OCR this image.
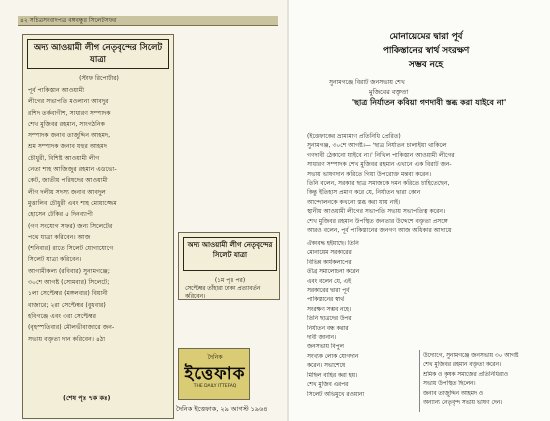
৪২ সচিত্রসংবাদপত্র বঙ্গবন্ধুর সিলেটসফর
অদ্য আওয়ামী লীগ নেতৃবৃন্দের সিলেট যাত্রা
(স্টাফ রিপোর্টার)
পূর্ব পাকিস্তান আওয়ামী
লীগের সভাপতি মওলানা আবদুর
রশিদ তর্কবাগীশ, সাধারণ সম্পাদক
শেখ মুজিবর রহমান, সাংগঠনিক
সম্পাদক জনাব তাজুদ্দিন আহমদ,
শ্রম সম্পাদক জনাব যহুর আহমদ
চৌধুরী, বিশিষ্ট আওয়ামী লীগ
নেতা শাহ আজিজুর রহমান এডভো-
কেট, জাতীয় পরিষদের আওয়ামী
লীগ দলীয় সদস্য জনাব আবদুল
মুত্তালিব চৌধুরী এবং শাহ মোয়াজ্জেম
হোসেন টেকির ৫ দিনব্যাপী
(গণ সংযোগ সফর) জন্য সিলেটের
পথে যাত্রা করিবেন। আজ
(শনিবার) রাতে সিলেট যোগাযোগে
সিলেট যাত্রা করিবেন।
আগামীকল্য (রবিবার) সুনামগঞ্জে;
৩০শে আগষ্ট (সোমবার) সিলেটে;
১লা সেপ্টেম্বর (মঙ্গলবার) বিয়ানী
বাজারে; ২রা সেপ্টেম্বর (বুধবার)
হবিগঞ্জে এবং ৩রা সেপ্টেম্বর
(বৃহস্পতিবার) মৌলভীবাজারে জন-
সভায় বক্তৃতা দান করিবেন। ৪ঠা
(শেষ পৃঃ ৭ক কঃ)
অদ্য আওয়ামী লীগ নেতৃবৃন্দের সিলেট যাত্রা
(১ম পৃঃ পর)
সেপ্টেম্বর তাঁহারা ঢাকা প্রত্যাবর্তন করিবেন।
দৈনিক
ইত্তেফাক
THE DAILY ITTEFAQ
দৈনিক ইত্তেফাক, ২৯ আগস্ট ১৯৬৪
মোনায়েমের দ্বারা পূর্ব
পাকিস্তানের স্বার্থ সংরক্ষণ
সম্ভব নহে
সুনামগঞ্জে বিরাট জনসভায় শেখ
মুজিবের বক্তৃতা
'ছাত্র নির্যাতন কবিয়া গণদাবী স্তব্ধ করা যাইবে না'
(ইত্তেফাকের ভ্রাম্যমাণ প্রতিনিধি প্রেরিত)
সুনামগঞ্জ, ৩০শে আগষ্ট।— 'ছাত্র নির্যাতন চালাইয়া থাকিলে
গণদাবী ঠেকানো যাইবে না।' নিখিল পাকিস্তান আওয়ামী লীগের
সাধারণ সম্পাদক শেখ মুজিবর রহমান এখানে এক বিরাট জন-
সভায় ভাষণদান করিতে গিয়া উপরোক্ত মন্তব্য করেন।
তিনি বলেন, সরকার ছাত্র সমাজকে দমন করিতে চাহিতেছেন,
কিন্তু ইতিহাস প্রমাণ করে যে, নির্যাতন দ্বারা কোন
আন্দোলনকে কখনো স্তব্ধ করা যায় নাই।
স্থানীয় আওয়ামী লীগের সভাপতি সভায় সভাপতিত্ব করেন।
শেখ মুজিবর রহমান উপস্থিত জনতার উদ্দেশে বক্তৃতা প্রসঙ্গে
আরও বলেন, পূর্ব পাকিস্তানের জনগণ আজ অধিকার আদায়ে
ঐক্যবদ্ধ হইয়াছে। তিনি
মোনায়েম সরকারের
বিভিন্ন কার্যকলাপের
তীব্র সমালোচনা করেন
এবং বলেন যে, এই
সরকারের দ্বারা পূর্ব
পাকিস্তানের স্বার্থ
সংরক্ষণ সম্ভব নহে।
তিনি ছাত্রদের উপর
নির্যাতন বন্ধ করার
দাবী জানান।
জনসভায় বিপুল
সংখ্যক লোক যোগদান
করেন। সভাশেষে
মিছিল বাহির করা হয়।
শেখ মুজিব এরপর
সিলেট অভিমুখে রওয়ানা
উদ্যোগে, সুনামগঞ্জে জনসভায় ৩০ আগষ্ট
শেখ মুজিবর রহমান বক্তৃতা করেন।
শ্রমিক ও কৃষক সমাজের প্রতিনিধিরাও
সভায় উপস্থিত ছিলেন।
জনাব তাজুদ্দিন আহমদ ও
অন্যান্য নেতৃবৃন্দ সভায় ভাষণ দেন।
